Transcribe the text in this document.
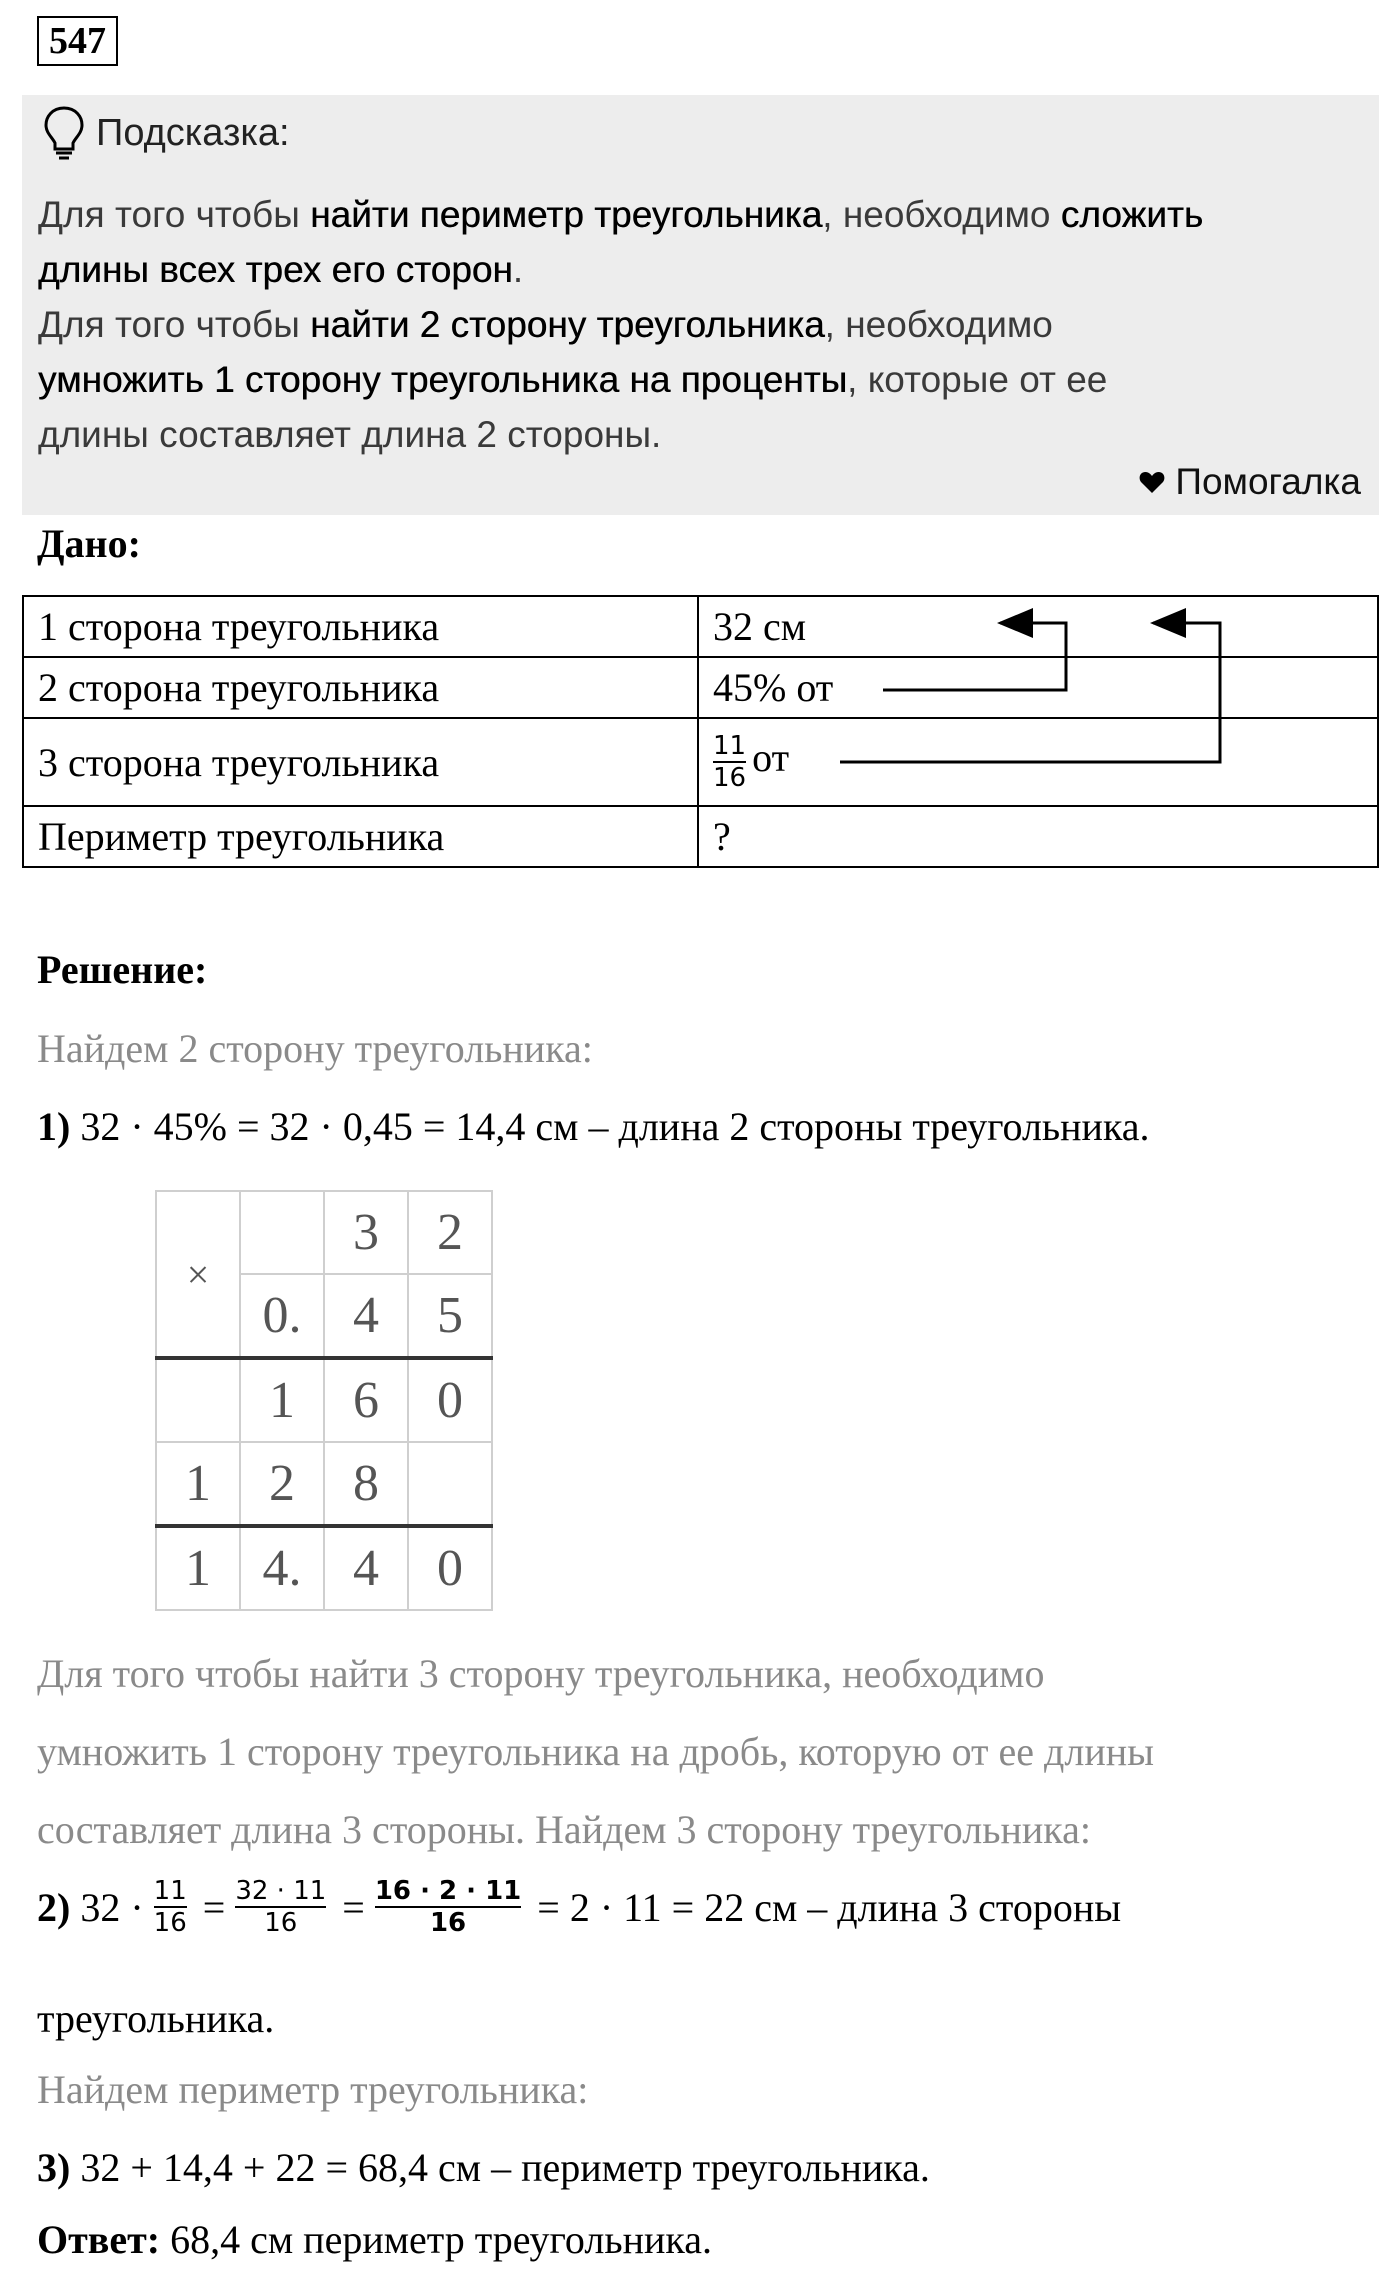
547
Подсказка:
Для того чтобы найти периметр треугольника, необходимо сложить
длины всех трех его сторон.
Для того чтобы найти 2 сторону треугольника, необходимо
умножить 1 сторону треугольника на проценты, которые от ее
длины составляет длина 2 стороны.
Помогалка
Дано:
1 сторона треугольника	32 см
2 сторона треугольника	45% от
3 сторона треугольника	$\frac{11}{16}$ от
Периметр треугольника	?
Решение:
Найдем 2 сторону треугольника:
1) 32 · 45% = 32 · 0,45 = 14,4 см – длина 2 стороны треугольника.
×		3	2
	0.	4	5
	1	6	0
1	2	8	
1	4.	4	0
Для того чтобы найти 3 сторону треугольника, необходимо
умножить 1 сторону треугольника на дробь, которую от ее длины
составляет длина 3 стороны. Найдем 3 сторону треугольника:
2) $32 \cdot \frac{11}{16} = \frac{32 \cdot 11}{16} = \frac{16 \cdot 2 \cdot 11}{16} = 2 \cdot 11 = 22$ см – длина 3 стороны
треугольника.
Найдем периметр треугольника:
3) 32 + 14,4 + 22 = 68,4 см – периметр треугольника.
Ответ: 68,4 см периметр треугольника.
